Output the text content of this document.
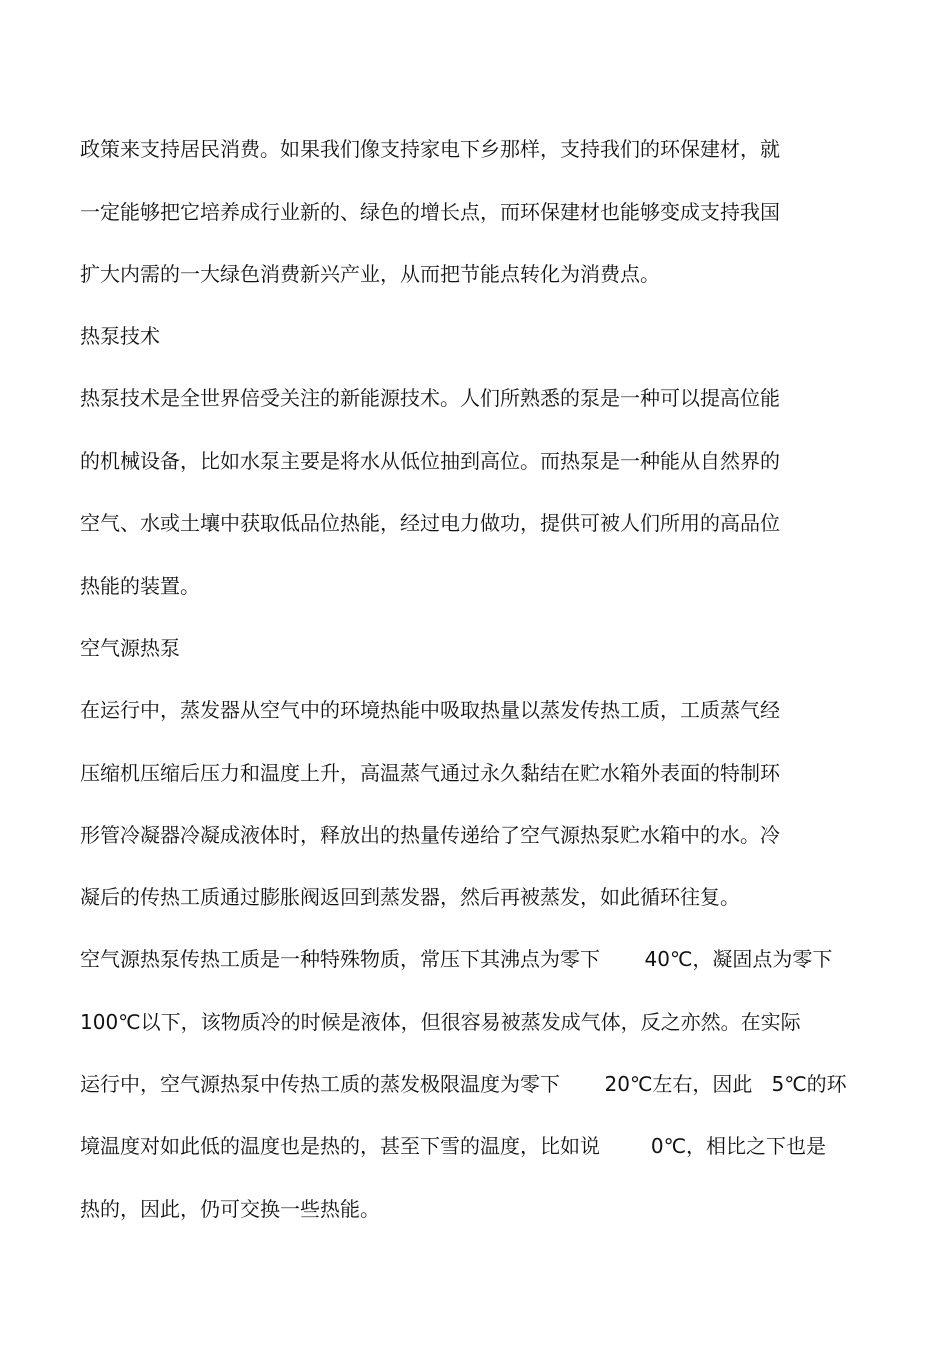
政策来支持居民消费。如果我们像支持家电下乡那样，支持我们的环保建材，就
一定能够把它培养成行业新的、绿色的增长点，而环保建材也能够变成支持我国
扩大内需的一大绿色消费新兴产业，从而把节能点转化为消费点。
热泵技术
热泵技术是全世界倍受关注的新能源技术。人们所熟悉的泵是一种可以提高位能
的机械设备，比如水泵主要是将水从低位抽到高位。而热泵是一种能从自然界的
空气、水或土壤中获取低品位热能，经过电力做功，提供可被人们所用的高品位
热能的装置。
空气源热泵
在运行中，蒸发器从空气中的环境热能中吸取热量以蒸发传热工质，工质蒸气经
压缩机压缩后压力和温度上升，高温蒸气通过永久黏结在贮水箱外表面的特制环
形管冷凝器冷凝成液体时，释放出的热量传递给了空气源热泵贮水箱中的水。冷
凝后的传热工质通过膨胀阀返回到蒸发器，然后再被蒸发，如此循环往复。
空气源热泵传热工质是一种特殊物质，常压下其沸点为零下       40℃，凝固点为零下
100℃以下，该物质冷的时候是液体，但很容易被蒸发成气体，反之亦然。在实际
运行中，空气源热泵中传热工质的蒸发极限温度为零下       20℃左右，因此   5℃的环
境温度对如此低的温度也是热的，甚至下雪的温度，比如说        0℃，相比之下也是
热的，因此，仍可交换一些热能。
